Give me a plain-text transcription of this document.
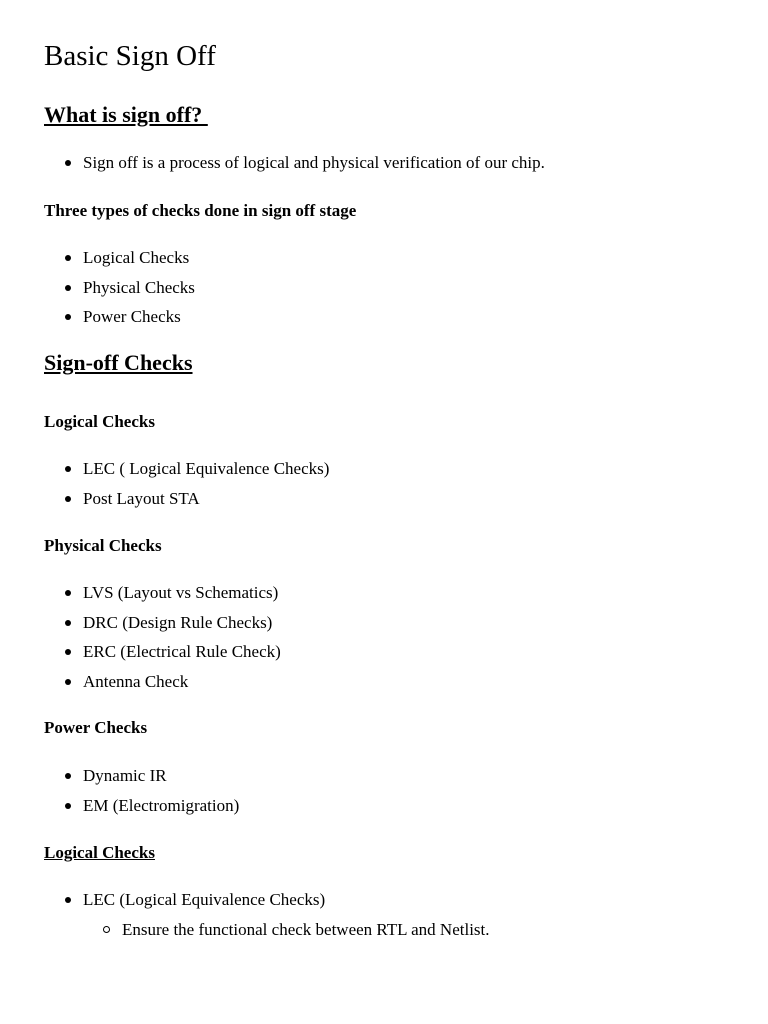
Basic Sign Off
What is sign off?
Sign off is a process of logical and physical verification of our chip.
Three types of checks done in sign off stage
Logical Checks
Physical Checks
Power Checks
Sign-off Checks
Logical Checks
LEC ( Logical Equivalence Checks)
Post Layout STA
Physical Checks
LVS (Layout vs Schematics)
DRC (Design Rule Checks)
ERC (Electrical Rule Check)
Antenna Check
Power Checks
Dynamic IR
EM (Electromigration)
Logical Checks
LEC (Logical Equivalence Checks)
Ensure the functional check between RTL and Netlist.
